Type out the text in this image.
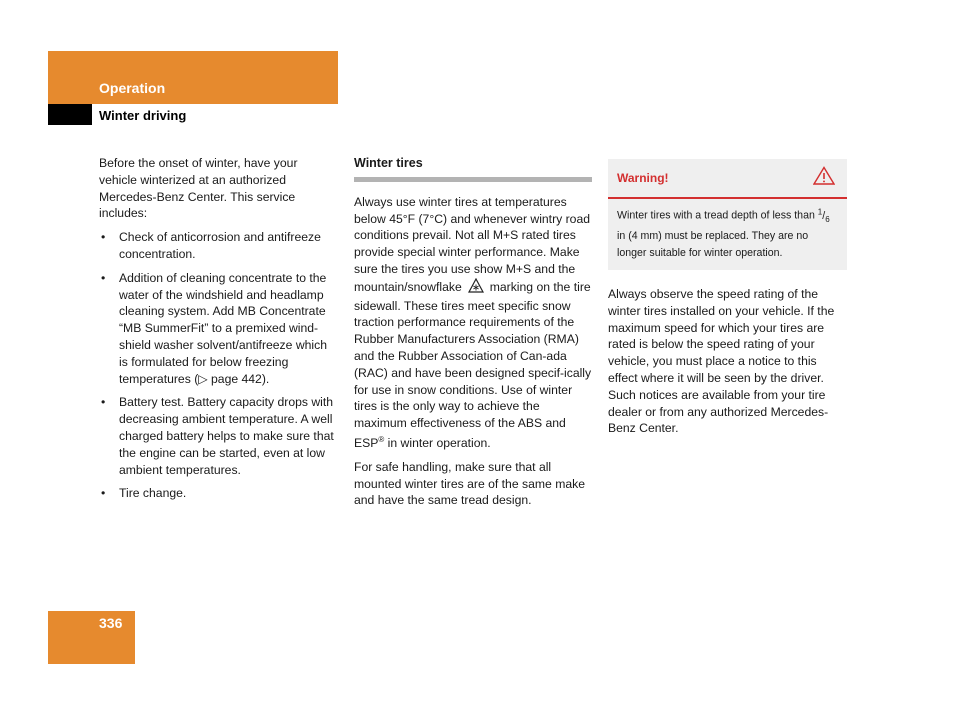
Operation
Winter driving

Before the onset of winter, have your vehicle winterized at an authorized Mercedes-Benz Center. This service includes:

• Check of anticorrosion and antifreeze concentration.
• Addition of cleaning concentrate to the water of the windshield and headlamp cleaning system. Add MB Concentrate “MB SummerFit” to a premixed wind-shield washer solvent/antifreeze which is formulated for below freezing temperatures (▷ page 442).
• Battery test. Battery capacity drops with decreasing ambient temperature. A well charged battery helps to make sure that the engine can be started, even at low ambient temperatures.
• Tire change.
Winter tires

Always use winter tires at temperatures below 45°F (7°C) and whenever wintry road conditions prevail. Not all M+S rated tires provide special winter performance. Make sure the tires you use show M+S and the mountain/snowflake marking on the tire sidewall. These tires meet specific snow traction performance requirements of the Rubber Manufacturers Association (RMA) and the Rubber Association of Can-ada (RAC) and have been designed specif-ically for use in snow conditions. Use of winter tires is the only way to achieve the maximum effectiveness of the ABS and ESP® in winter operation.

For safe handling, make sure that all mounted winter tires are of the same make and have the same tread design.

Warning!
Winter tires with a tread depth of less than $^1/_6$ in (4 mm) must be replaced. They are no longer suitable for winter operation.

Always observe the speed rating of the winter tires installed on your vehicle. If the maximum speed for which your tires are rated is below the speed rating of your vehicle, you must place a notice to this effect where it will be seen by the driver. Such notices are available from your tire dealer or from any authorized Mercedes-Benz Center.

336
